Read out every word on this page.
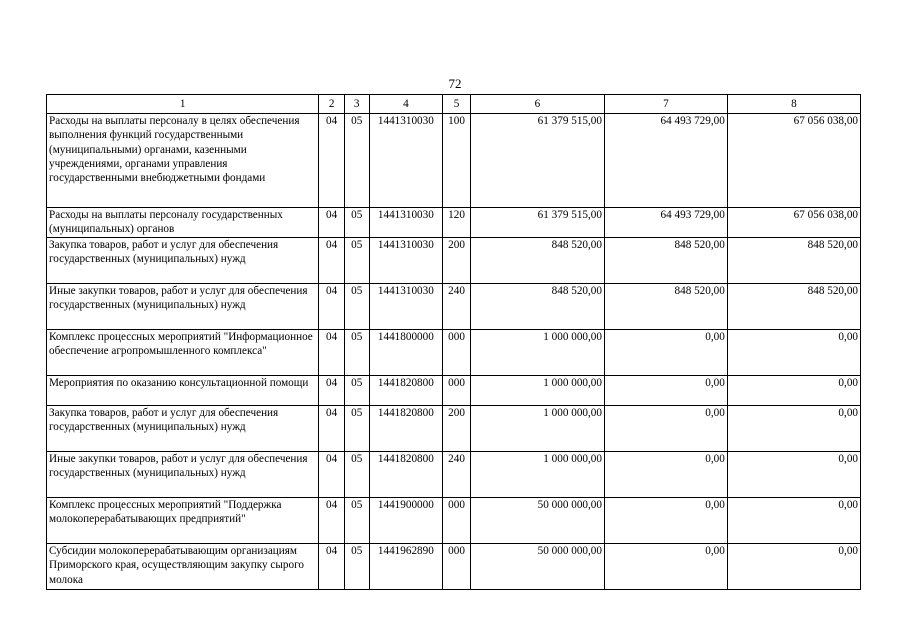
72
1	2	3	4	5	6	7	8
Расходы на выплаты персоналу в целях обеспечения выполнения функций государственными (муниципальными) органами, казенными учреждениями, органами управления государственными внебюджетными фондами	04	05	1441310030	100	61 379 515,00	64 493 729,00	67 056 038,00
Расходы на выплаты персоналу государственных (муниципальных) органов	04	05	1441310030	120	61 379 515,00	64 493 729,00	67 056 038,00
Закупка товаров, работ и услуг для обеспечения государственных (муниципальных) нужд	04	05	1441310030	200	848 520,00	848 520,00	848 520,00
Иные закупки товаров, работ и услуг для обеспечения государственных (муниципальных) нужд	04	05	1441310030	240	848 520,00	848 520,00	848 520,00
Комплекс процессных мероприятий "Информационное обеспечение агропромышленного комплекса"	04	05	1441800000	000	1 000 000,00	0,00	0,00
Мероприятия по оказанию консультационной помощи	04	05	1441820800	000	1 000 000,00	0,00	0,00
Закупка товаров, работ и услуг для обеспечения государственных (муниципальных) нужд	04	05	1441820800	200	1 000 000,00	0,00	0,00
Иные закупки товаров, работ и услуг для обеспечения государственных (муниципальных) нужд	04	05	1441820800	240	1 000 000,00	0,00	0,00
Комплекс процессных мероприятий "Поддержка молокоперерабатывающих предприятий"	04	05	1441900000	000	50 000 000,00	0,00	0,00
Субсидии молокоперерабатывающим организациям Приморского края, осуществляющим закупку сырого молока	04	05	1441962890	000	50 000 000,00	0,00	0,00
